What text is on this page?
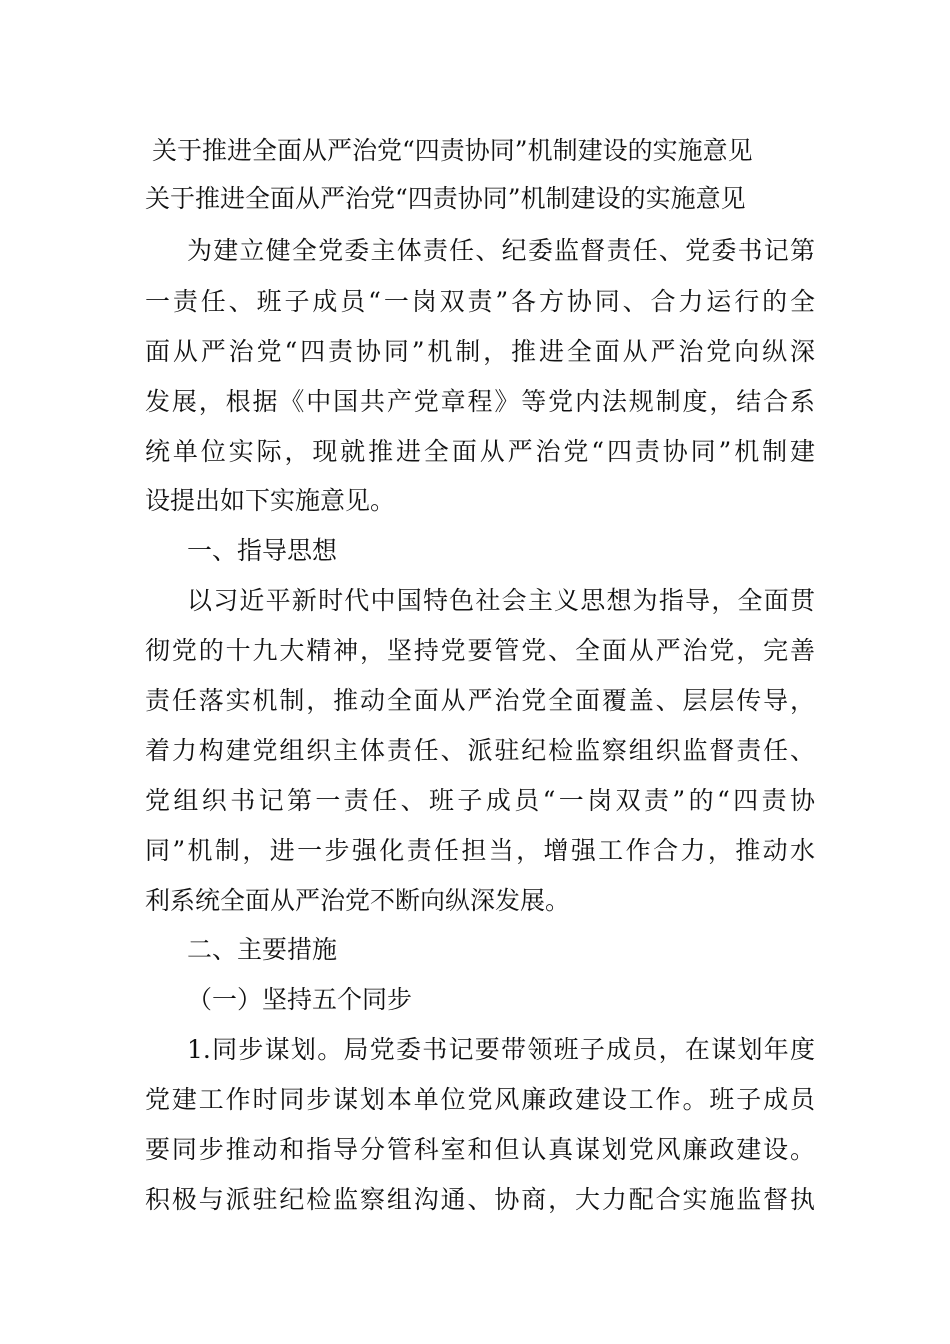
关于推进全面从严治党“四责协同”机制建设的实施意见
关于推进全面从严治党“四责协同”机制建设的实施意见
为建立健全党委主体责任、纪委监督责任、党委书记第
一责任、班子成员“一岗双责”各方协同、合力运行的全
面从严治党“四责协同”机制，推进全面从严治党向纵深
发展，根据《中国共产党章程》等党内法规制度，结合系
统单位实际，现就推进全面从严治党“四责协同”机制建
设提出如下实施意见。
一、指导思想
以习近平新时代中国特色社会主义思想为指导，全面贯
彻党的十九大精神，坚持党要管党、全面从严治党，完善
责任落实机制，推动全面从严治党全面覆盖、层层传导，
着力构建党组织主体责任、派驻纪检监察组织监督责任、
党组织书记第一责任、班子成员“一岗双责”的“四责协
同”机制，进一步强化责任担当，增强工作合力，推动水
利系统全面从严治党不断向纵深发展。
二、主要措施
（一）坚持五个同步
1.同步谋划。局党委书记要带领班子成员，在谋划年度
党建工作时同步谋划本单位党风廉政建设工作。班子成员
要同步推动和指导分管科室和但认真谋划党风廉政建设。
积极与派驻纪检监察组沟通、协商，大力配合实施监督执
